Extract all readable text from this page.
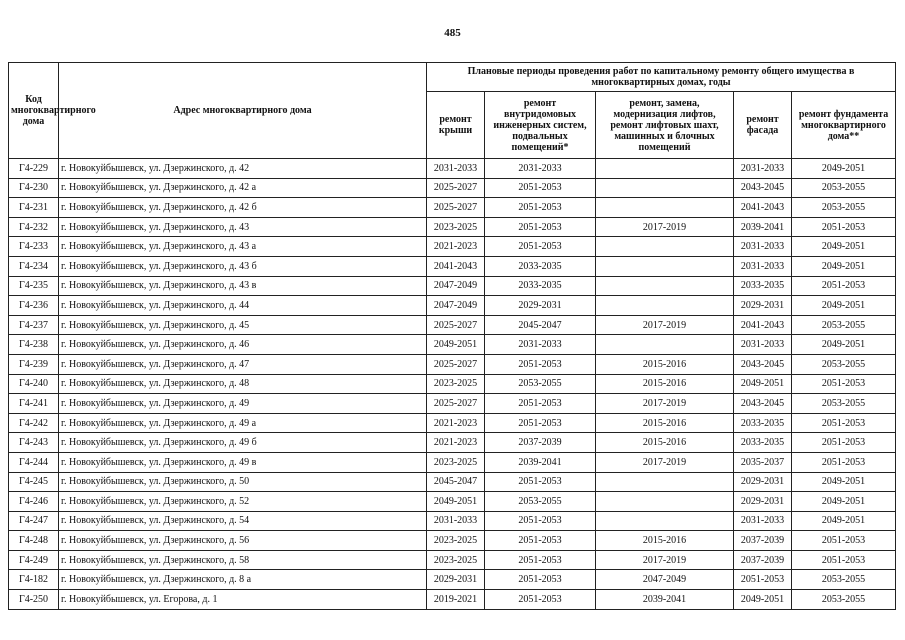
485
Код многоквартирного дома	Адрес многоквартирного дома	Плановые периоды проведения работ по капитальному ремонту общего имущества в многоквартирных домах, годы				
		ремонт крыши	ремонт внутридомовых инженерных систем, подвальных помещений*	ремонт, замена, модернизация лифтов, ремонт лифтовых шахт, машинных и блочных помещений	ремонт фасада	ремонт фундамента многоквартирного дома**
Г4-229	г. Новокуйбышевск, ул. Дзержинского, д. 42	2031-2033	2031-2033		2031-2033	2049-2051
Г4-230	г. Новокуйбышевск, ул. Дзержинского, д. 42 а	2025-2027	2051-2053		2043-2045	2053-2055
Г4-231	г. Новокуйбышевск, ул. Дзержинского, д. 42 б	2025-2027	2051-2053		2041-2043	2053-2055
Г4-232	г. Новокуйбышевск, ул. Дзержинского, д. 43	2023-2025	2051-2053	2017-2019	2039-2041	2051-2053
Г4-233	г. Новокуйбышевск, ул. Дзержинского, д. 43 а	2021-2023	2051-2053		2031-2033	2049-2051
Г4-234	г. Новокуйбышевск, ул. Дзержинского, д. 43 б	2041-2043	2033-2035		2031-2033	2049-2051
Г4-235	г. Новокуйбышевск, ул. Дзержинского, д. 43 в	2047-2049	2033-2035		2033-2035	2051-2053
Г4-236	г. Новокуйбышевск, ул. Дзержинского, д. 44	2047-2049	2029-2031		2029-2031	2049-2051
Г4-237	г. Новокуйбышевск, ул. Дзержинского, д. 45	2025-2027	2045-2047	2017-2019	2041-2043	2053-2055
Г4-238	г. Новокуйбышевск, ул. Дзержинского, д. 46	2049-2051	2031-2033		2031-2033	2049-2051
Г4-239	г. Новокуйбышевск, ул. Дзержинского, д. 47	2025-2027	2051-2053	2015-2016	2043-2045	2053-2055
Г4-240	г. Новокуйбышевск, ул. Дзержинского, д. 48	2023-2025	2053-2055	2015-2016	2049-2051	2051-2053
Г4-241	г. Новокуйбышевск, ул. Дзержинского, д. 49	2025-2027	2051-2053	2017-2019	2043-2045	2053-2055
Г4-242	г. Новокуйбышевск, ул. Дзержинского, д. 49 а	2021-2023	2051-2053	2015-2016	2033-2035	2051-2053
Г4-243	г. Новокуйбышевск, ул. Дзержинского, д. 49 б	2021-2023	2037-2039	2015-2016	2033-2035	2051-2053
Г4-244	г. Новокуйбышевск, ул. Дзержинского, д. 49 в	2023-2025	2039-2041	2017-2019	2035-2037	2051-2053
Г4-245	г. Новокуйбышевск, ул. Дзержинского, д. 50	2045-2047	2051-2053		2029-2031	2049-2051
Г4-246	г. Новокуйбышевск, ул. Дзержинского, д. 52	2049-2051	2053-2055		2029-2031	2049-2051
Г4-247	г. Новокуйбышевск, ул. Дзержинского, д. 54	2031-2033	2051-2053		2031-2033	2049-2051
Г4-248	г. Новокуйбышевск, ул. Дзержинского, д. 56	2023-2025	2051-2053	2015-2016	2037-2039	2051-2053
Г4-249	г. Новокуйбышевск, ул. Дзержинского, д. 58	2023-2025	2051-2053	2017-2019	2037-2039	2051-2053
Г4-182	г. Новокуйбышевск, ул. Дзержинского, д. 8 а	2029-2031	2051-2053	2047-2049	2051-2053	2053-2055
Г4-250	г. Новокуйбышевск, ул. Егорова, д. 1	2019-2021	2051-2053	2039-2041	2049-2051	2053-2055
